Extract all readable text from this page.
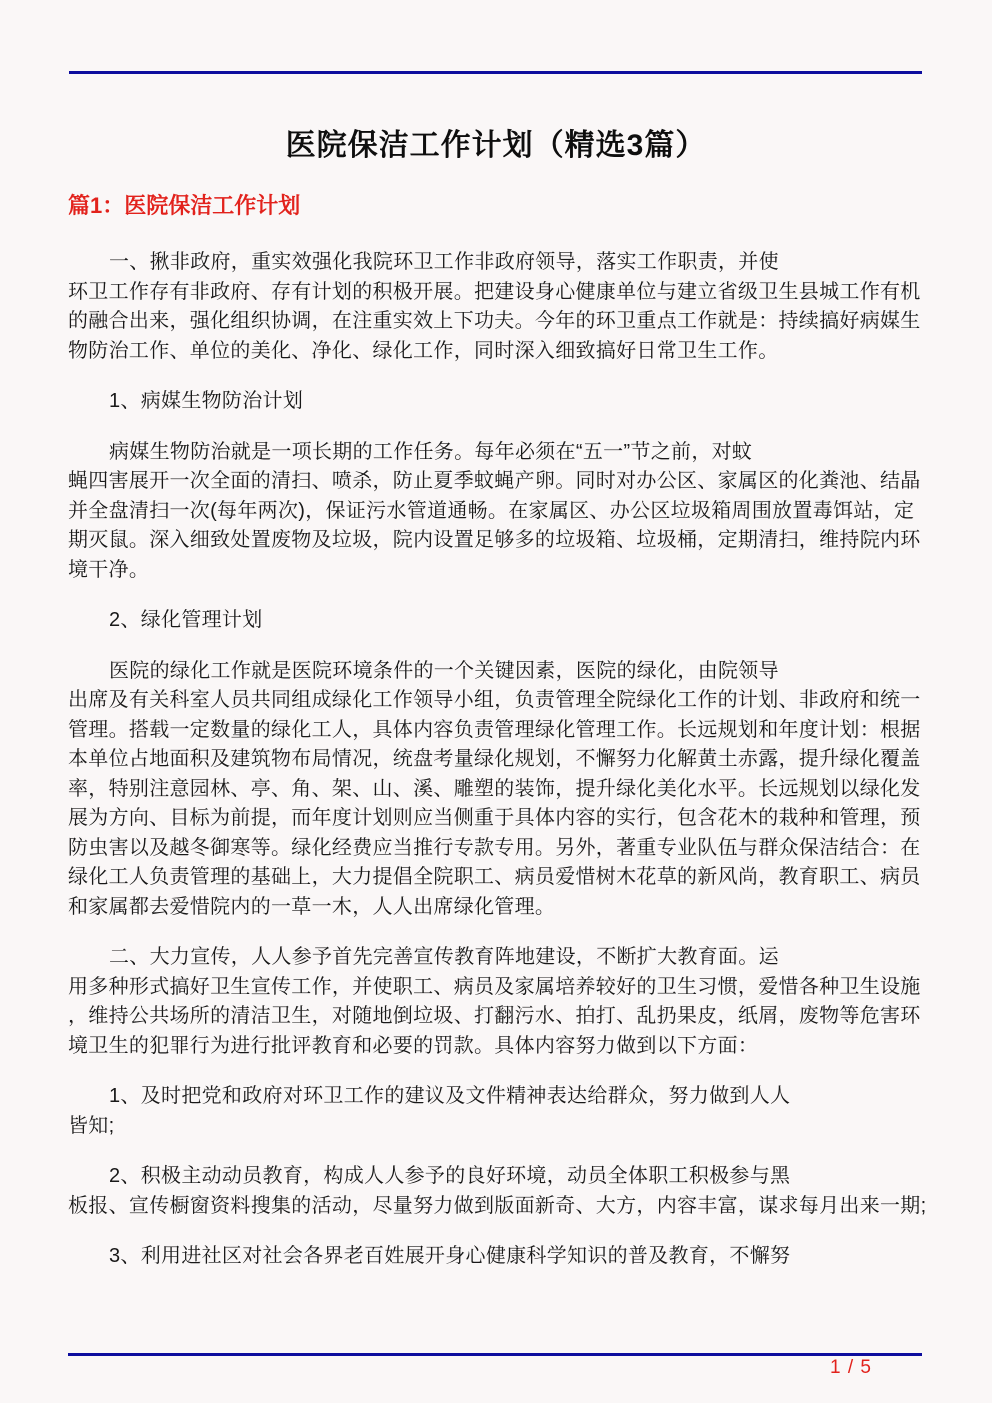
医院保洁工作计划（精选3篇）
篇1：医院保洁工作计划
一、揪非政府，重实效强化我院环卫工作非政府领导，落实工作职责，并使
环卫工作存有非政府、存有计划的积极开展。把建设身心健康单位与建立省级卫生县城工作有机
的融合出来，强化组织协调，在注重实效上下功夫。今年的环卫重点工作就是：持续搞好病媒生
物防治工作、单位的美化、净化、绿化工作，同时深入细致搞好日常卫生工作。
1、病媒生物防治计划
病媒生物防治就是一项长期的工作任务。每年必须在“五一”节之前，对蚊
蝇四害展开一次全面的清扫、喷杀，防止夏季蚊蝇产卵。同时对办公区、家属区的化粪池、结晶
并全盘清扫一次(每年两次)，保证污水管道通畅。在家属区、办公区垃圾箱周围放置毒饵站，定
期灭鼠。深入细致处置废物及垃圾，院内设置足够多的垃圾箱、垃圾桶，定期清扫，维持院内环
境干净。
2、绿化管理计划
医院的绿化工作就是医院环境条件的一个关键因素，医院的绿化，由院领导
出席及有关科室人员共同组成绿化工作领导小组，负责管理全院绿化工作的计划、非政府和统一
管理。搭载一定数量的绿化工人，具体内容负责管理绿化管理工作。长远规划和年度计划：根据
本单位占地面积及建筑物布局情况，统盘考量绿化规划，不懈努力化解黄土赤露，提升绿化覆盖
率，特别注意园林、亭、角、架、山、溪、雕塑的装饰，提升绿化美化水平。长远规划以绿化发
展为方向、目标为前提，而年度计划则应当侧重于具体内容的实行，包含花木的栽种和管理，预
防虫害以及越冬御寒等。绿化经费应当推行专款专用。另外，著重专业队伍与群众保洁结合：在
绿化工人负责管理的基础上，大力提倡全院职工、病员爱惜树木花草的新风尚，教育职工、病员
和家属都去爱惜院内的一草一木，人人出席绿化管理。
二、大力宣传，人人参予首先完善宣传教育阵地建设，不断扩大教育面。运
用多种形式搞好卫生宣传工作，并使职工、病员及家属培养较好的卫生习惯，爱惜各种卫生设施
，维持公共场所的清洁卫生，对随地倒垃圾、打翻污水、拍打、乱扔果皮，纸屑，废物等危害环
境卫生的犯罪行为进行批评教育和必要的罚款。具体内容努力做到以下方面：
1、及时把党和政府对环卫工作的建议及文件精神表达给群众，努力做到人人
皆知;
2、积极主动动员教育，构成人人参予的良好环境，动员全体职工积极参与黑
板报、宣传橱窗资料搜集的活动，尽量努力做到版面新奇、大方，内容丰富，谋求每月出来一期;
3、利用进社区对社会各界老百姓展开身心健康科学知识的普及教育，不懈努
1 / 5
